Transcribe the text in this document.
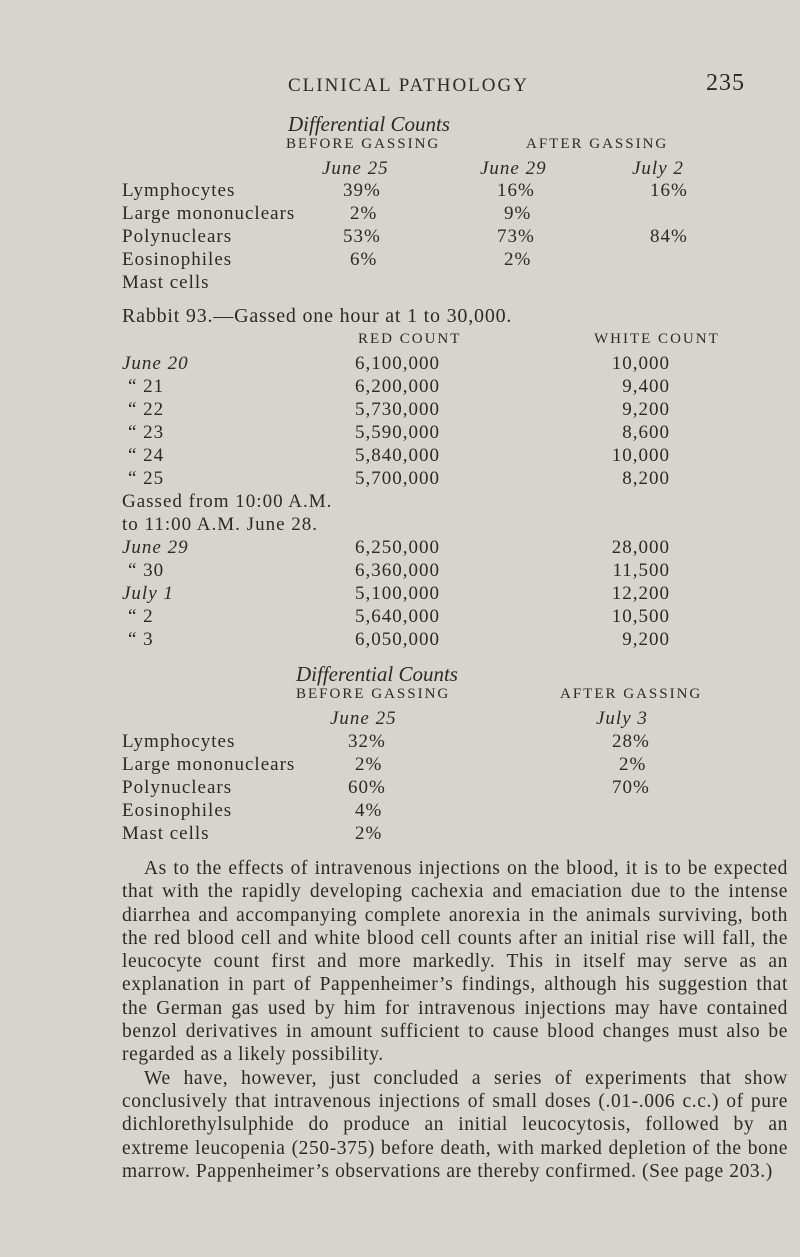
CLINICAL PATHOLOGY	235
Differential Counts
BEFORE GASSING	AFTER GASSING
June 25	June 29	July 2
Lymphocytes	39%	16%	16%
Large mononuclears	2%	9%
Polynuclears	53%	73%	84%
Eosinophiles	6%	2%
Mast cells
Rabbit 93.—Gassed one hour at 1 to 30,000.
RED COUNT	WHITE COUNT
June 20	6,100,000	10,000
“ 21	6,200,000	9,400
“ 22	5,730,000	9,200
“ 23	5,590,000	8,600
“ 24	5,840,000	10,000
“ 25	5,700,000	8,200
Gassed from 10:00 A.M.
to 11:00 A.M. June 28.
June 29	6,250,000	28,000
“ 30	6,360,000	11,500
July 1	5,100,000	12,200
“ 2	5,640,000	10,500
“ 3	6,050,000	9,200
Differential Counts
BEFORE GASSING	AFTER GASSING
June 25	July 3
Lymphocytes	32%	28%
Large mononuclears	2%	2%
Polynuclears	60%	70%
Eosinophiles	4%
Mast cells	2%

As to the effects of intravenous injections on the blood, it is to be expected that with the rapidly developing cachexia and emaciation due to the intense diarrhea and accompanying complete anorexia in the animals surviving, both the red blood cell and white blood cell counts after an initial rise will fall, the leucocyte count first and more markedly. This in itself may serve as an explanation in part of Pappenheimer’s findings, although his suggestion that the German gas used by him for intravenous injections may have contained benzol derivatives in amount sufficient to cause blood changes must also be regarded as a likely possibility.

We have, however, just concluded a series of experiments that show conclusively that intravenous injections of small doses (.01-.006 c.c.) of pure dichlorethylsulphide do produce an initial leucocytosis, followed by an extreme leucopenia (250-375) before death, with marked depletion of the bone marrow. Pappenheimer’s observations are thereby confirmed. (See page 203.)
